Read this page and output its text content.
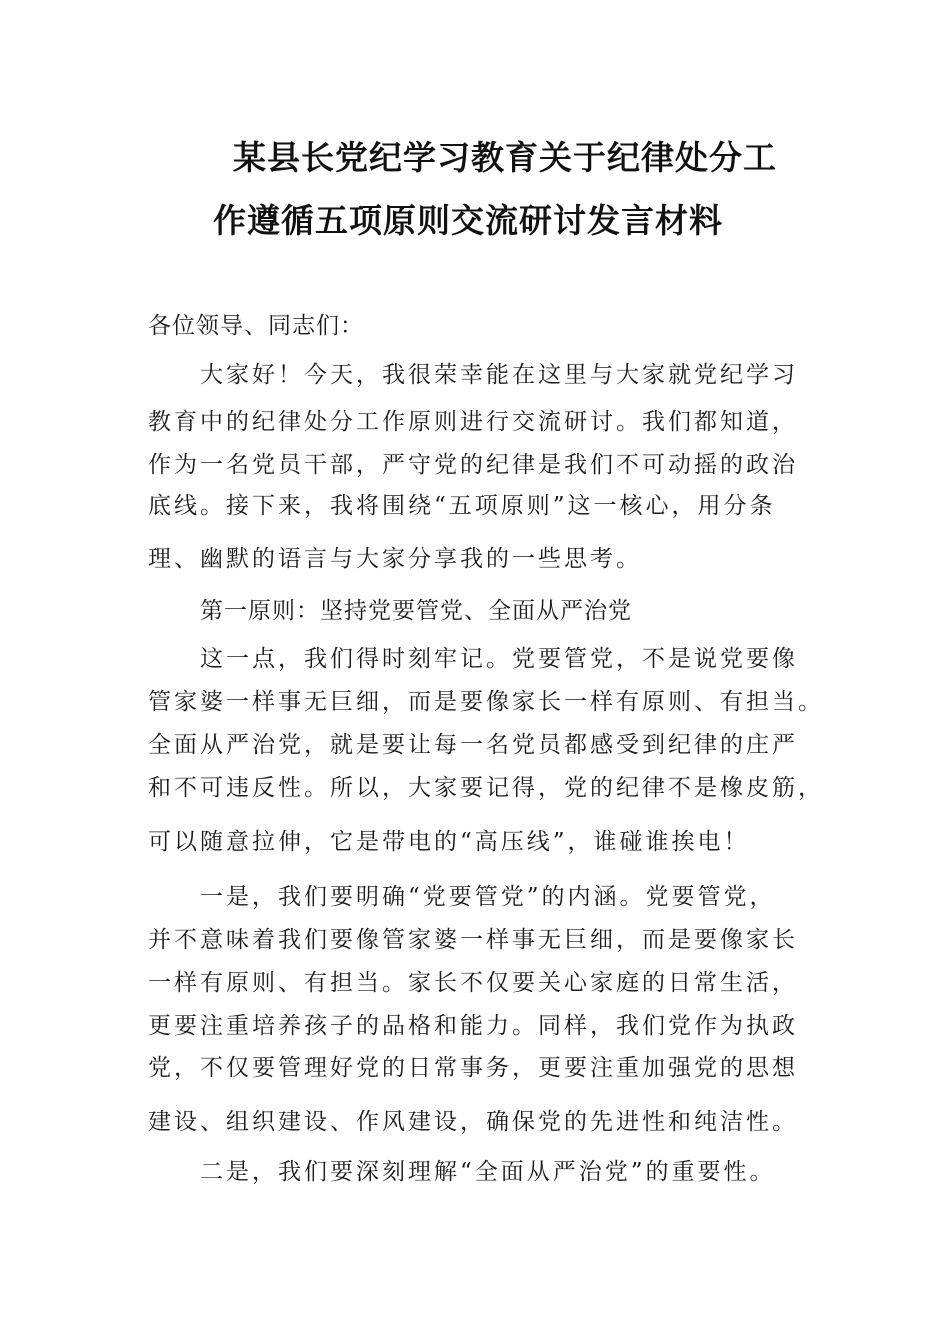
某县长党纪学习教育关于纪律处分工
作遵循五项原则交流研讨发言材料
各位领导、同志们：
大家好！今天，我很荣幸能在这里与大家就党纪学习
教育中的纪律处分工作原则进行交流研讨。我们都知道，
作为一名党员干部，严守党的纪律是我们不可动摇的政治
底线。接下来，我将围绕“五项原则”这一核心，用分条
理、幽默的语言与大家分享我的一些思考。
第一原则：坚持党要管党、全面从严治党
这一点，我们得时刻牢记。党要管党，不是说党要像
管家婆一样事无巨细，而是要像家长一样有原则、有担当。
全面从严治党，就是要让每一名党员都感受到纪律的庄严
和不可违反性。所以，大家要记得，党的纪律不是橡皮筋，
可以随意拉伸，它是带电的“高压线”，谁碰谁挨电！
一是，我们要明确“党要管党”的内涵。党要管党，
并不意味着我们要像管家婆一样事无巨细，而是要像家长
一样有原则、有担当。家长不仅要关心家庭的日常生活，
更要注重培养孩子的品格和能力。同样，我们党作为执政
党，不仅要管理好党的日常事务，更要注重加强党的思想
建设、组织建设、作风建设，确保党的先进性和纯洁性。
二是，我们要深刻理解“全面从严治党”的重要性。
